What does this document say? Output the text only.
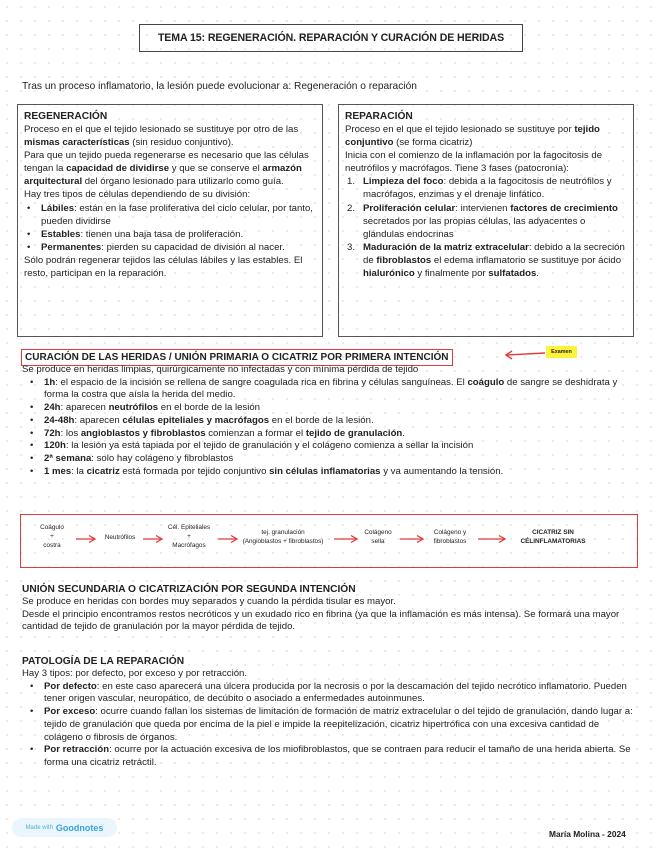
TEMA 15: REGENERACIÓN. REPARACIÓN Y CURACIÓN DE HERIDAS
Tras un proceso inflamatorio, la lesión puede evolucionar a: Regeneración o reparación
REGENERACIÓN

Proceso en el que el tejido lesionado se sustituye por otro de las mismas características (sin residuo conjuntivo).

Para que un tejido pueda regenerarse es necesario que las células tengan la capacidad de dividirse y que se conserve el armazón arquitectural del órgano lesionado para utilizarlo como guía.

Hay tres tipos de células dependiendo de su división:

• Lábiles: están en la fase proliferativa del ciclo celular, por tanto, pueden dividirse
• Estables: tienen una baja tasa de proliferación.
• Permanentes: pierden su capacidad de división al nacer.

Sólo podrán regenerar tejidos las células lábiles y las estables. El resto, participan en la reparación.

REPARACIÓN

Proceso en el que el tejido lesionado se sustituye por tejido conjuntivo (se forma cicatriz)

Inicia con el comienzo de la inflamación por la fagocitosis de neutrófilos y macrófagos. Tiene 3 fases (patocronía):

1. Limpieza del foco: debida a la fagocitosis de neutrófilos y macrófagos, enzimas y el drenaje linfático.
2. Proliferación celular: intervienen factores de crecimiento secretados por las propias células, las adyacentes o glándulas endocrinas
3. Maduración de la matriz extracelular: debido a la secreción de fibroblastos el edema inflamatorio se sustituye por ácido hialurónico y finalmente por sulfatados.
CURACIÓN DE LAS HERIDAS / UNIÓN PRIMARIA O CICATRIZ POR PRIMERA INTENCIÓN	Examen

Se produce en heridas limpias, quirúrgicamente no infectadas y con mínima pérdida de tejido

• 1h: el espacio de la incisión se rellena de sangre coagulada rica en fibrina y células sanguíneas. El coágulo de sangre se deshidrata y forma la costra que aísla la herida del medio.
• 24h: aparecen neutrófilos en el borde de la lesión
• 24-48h: aparecen células epiteliales y macrófagos en el borde de la lesión.
• 72h: los angioblastos y fibroblastos comienzan a formar el tejido de granulación.
• 120h: la lesión ya está tapiada por el tejido de granulación y el colágeno comienza a sellar la incisión
• 2ª semana: solo hay colágeno y fibroblastos
• 1 mes: la cicatriz está formada por tejido conjuntivo sin células inflamatorias y va aumentando la tensión.
Coágulo
+
costra
Neutrófilos
Cél. Epiteliales
+
Macrófagos
tej. granulación
(Angioblastos + fibroblastos)
Colágeno
sella
Colágeno y
fibroblastos
CICATRIZ SIN
CÉLINFLAMATORIAS
UNIÓN SECUNDARIA O CICATRIZACIÓN POR SEGUNDA INTENCIÓN

Se produce en heridas con bordes muy separados y cuando la pérdida tisular es mayor.

Desde el principio encontramos restos necróticos y un exudado rico en fibrina (ya que la inflamación es más intensa). Se formará una mayor cantidad de tejido de granulación por la mayor pérdida de tejido.

PATOLOGÍA DE LA REPARACIÓN

Hay 3 tipos: por defecto, por exceso y por retracción.

• Por defecto: en este caso aparecerá una úlcera producida por la necrosis o por la descamación del tejido necrótico inflamatorio. Pueden tener origen vascular, neuropático, de decúbito o asociado a enfermedades autoinmunes.
• Por exceso: ocurre cuando fallan los sistemas de limitación de formación de matriz extracelular o del tejido de granulación, dando lugar a: tejido de granulación que queda por encima de la piel e impide la reepitelización, cicatriz hipertrófica con una excesiva cantidad de colágeno o fibrosis de órganos.
• Por retracción: ocurre por la actuación excesiva de los miofibroblastos, que se contraen para reducir el tamaño de una herida abierta. Se forma una cicatriz retráctil.
Made with Goodnotes
María Molina - 2024
